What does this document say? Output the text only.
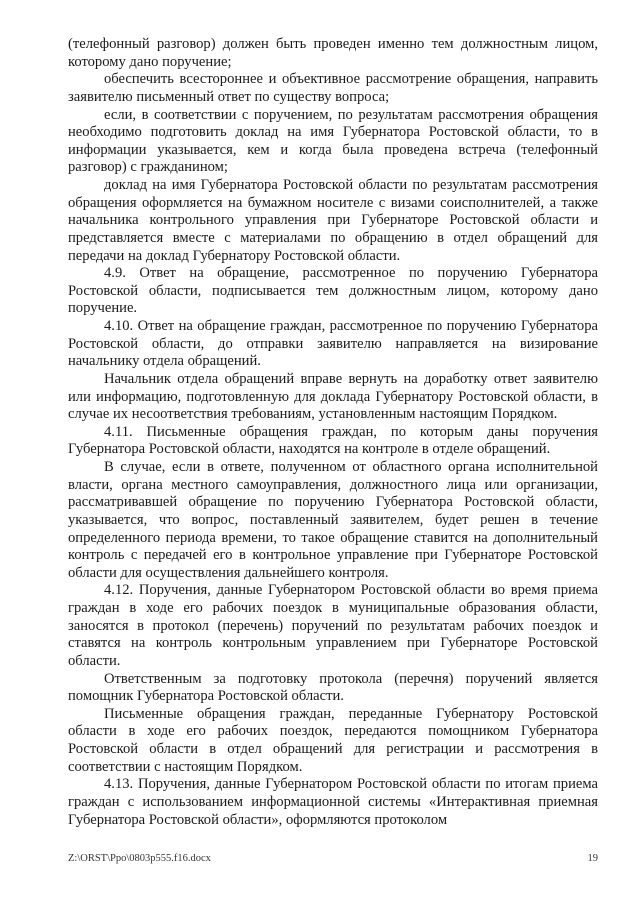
(телефонный разговор) должен быть проведен именно тем должностным лицом, которому дано поручение;

обеспечить всестороннее и объективное рассмотрение обращения, направить заявителю письменный ответ по существу вопроса;

если, в соответствии с поручением, по результатам рассмотрения обращения необходимо подготовить доклад на имя Губернатора Ростовской области, то в информации указывается, кем и когда была проведена встреча (телефонный разговор) с гражданином;

доклад на имя Губернатора Ростовской области по результатам рассмотрения обращения оформляется на бумажном носителе с визами соисполнителей, а также начальника контрольного управления при Губернаторе Ростовской области и представляется вместе с материалами по обращению в отдел обращений для передачи на доклад Губернатору Ростовской области.

4.9. Ответ на обращение, рассмотренное по поручению Губернатора Ростовской области, подписывается тем должностным лицом, которому дано поручение.

4.10. Ответ на обращение граждан, рассмотренное по поручению Губернатора Ростовской области, до отправки заявителю направляется на визирование начальнику отдела обращений.

Начальник отдела обращений вправе вернуть на доработку ответ заявителю или информацию, подготовленную для доклада Губернатору Ростовской области, в случае их несоответствия требованиям, установленным настоящим Порядком.

4.11. Письменные обращения граждан, по которым даны поручения Губернатора Ростовской области, находятся на контроле в отделе обращений.

В случае, если в ответе, полученном от областного органа исполнительной власти, органа местного самоуправления, должностного лица или организации, рассматривавшей обращение по поручению Губернатора Ростовской области, указывается, что вопрос, поставленный заявителем, будет решен в течение определенного периода времени, то такое обращение ставится на дополнительный контроль с передачей его в контрольное управление при Губернаторе Ростовской области для осуществления дальнейшего контроля.

4.12. Поручения, данные Губернатором Ростовской области во время приема граждан в ходе его рабочих поездок в муниципальные образования области, заносятся в протокол (перечень) поручений по результатам рабочих поездок и ставятся на контроль контрольным управлением при Губернаторе Ростовской области.

Ответственным за подготовку протокола (перечня) поручений является помощник Губернатора Ростовской области.

Письменные обращения граждан, переданные Губернатору Ростовской области в ходе его рабочих поездок, передаются помощником Губернатора Ростовской области в отдел обращений для регистрации и рассмотрения в соответствии с настоящим Порядком.

4.13. Поручения, данные Губернатором Ростовской области по итогам приема граждан с использованием информационной системы «Интерактивная приемная Губернатора Ростовской области», оформляются протоколом

Z:\ORST\Ppo\0803p555.f16.docx	19
